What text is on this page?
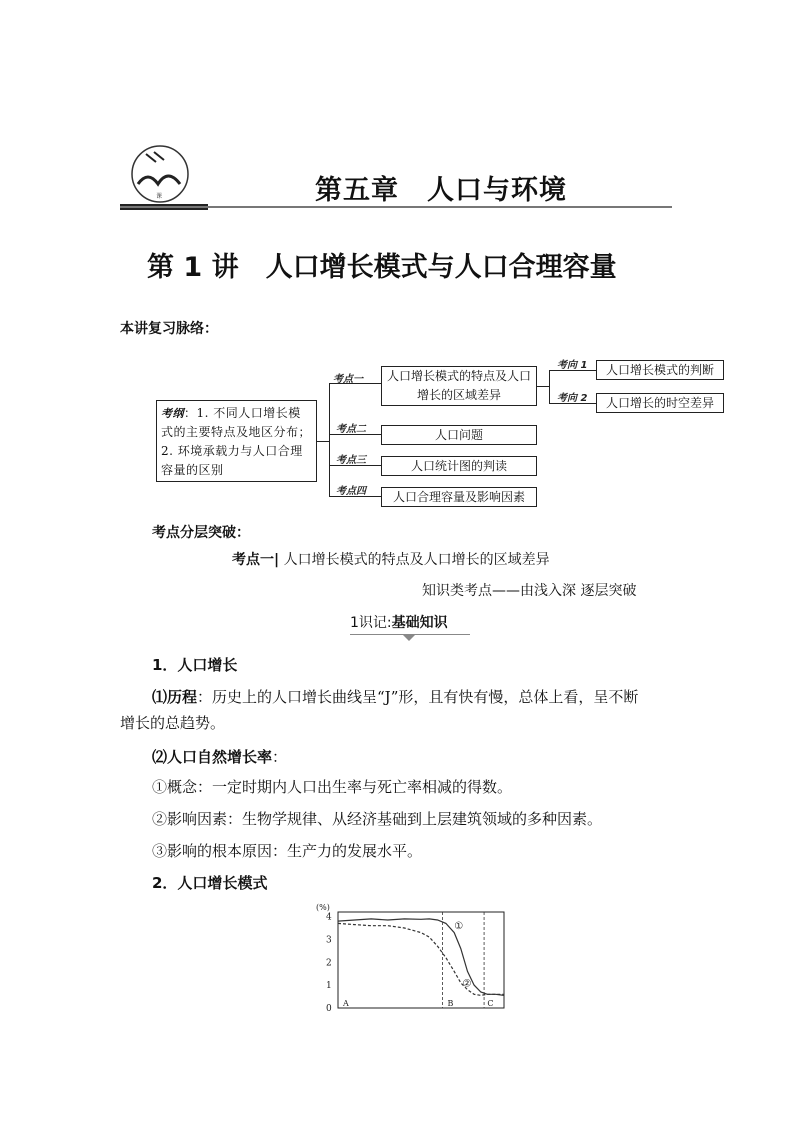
课	第五章　人口与环境
第 1 讲　人口增长模式与人口合理容量
本讲复习脉络：
考纲：1. 不同人口增长模式的主要特点及地区分布；2. 环境承载力与人口合理容量的区别
考点一
考点二
考点三
考点四
人口增长模式的特点及人口增长的区域差异
人口问题
人口统计图的判读
人口合理容量及影响因素
考向 1
考向 2
人口增长模式的判断
人口增长的时空差异
考点分层突破：
考点一| 人口增长模式的特点及人口增长的区域差异
知识类考点——由浅入深 逐层突破
1识记:基础知识
1．人口增长
⑴历程：历史上的人口增长曲线呈“J”形，且有快有慢，总体上看，呈不断
增长的总趋势。
⑵人口自然增长率：
①概念：一定时期内人口出生率与死亡率相减的得数。
②影响因素：生物学规律、从经济基础到上层建筑领域的多种因素。
③影响的根本原因：生产力的发展水平。
2．人口增长模式
(%)
0
1
2
3
4
A	B	C
①
②
